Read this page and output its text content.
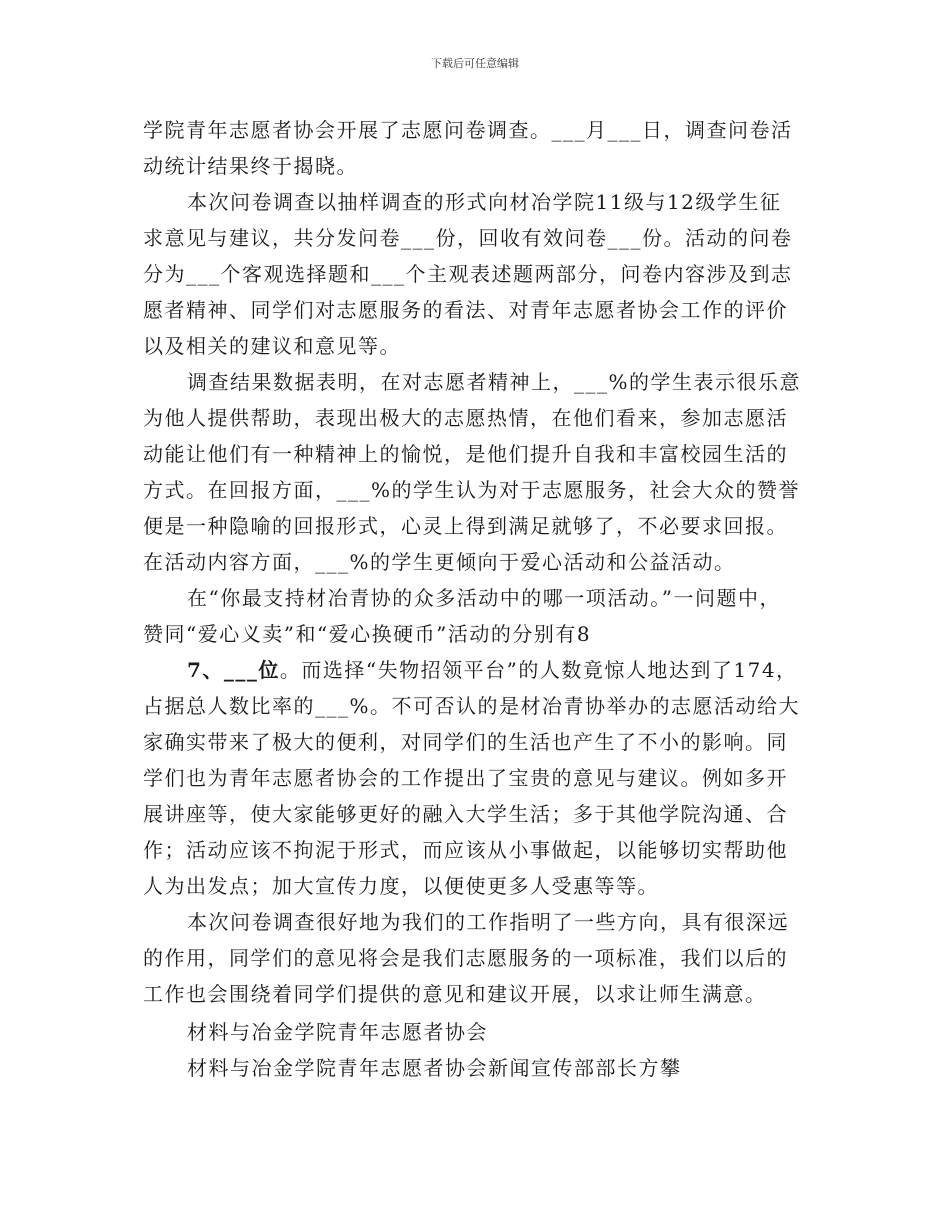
下载后可任意编辑
学院青年志愿者协会开展了志愿问卷调查。___月___日，调查问卷活
动统计结果终于揭晓。
本次问卷调查以抽样调查的形式向材冶学院11级与12级学生征
求意见与建议，共分发问卷___份，回收有效问卷___份。活动的问卷
分为___个客观选择题和___个主观表述题两部分，问卷内容涉及到志
愿者精神、同学们对志愿服务的看法、对青年志愿者协会工作的评价
以及相关的建议和意见等。
调查结果数据表明，在对志愿者精神上，___%的学生表示很乐意
为他人提供帮助，表现出极大的志愿热情，在他们看来，参加志愿活
动能让他们有一种精神上的愉悦，是他们提升自我和丰富校园生活的
方式。在回报方面，___%的学生认为对于志愿服务，社会大众的赞誉
便是一种隐喻的回报形式，心灵上得到满足就够了，不必要求回报。
在活动内容方面，___%的学生更倾向于爱心活动和公益活动。
在“你最支持材冶青协的众多活动中的哪一项活动。”一问题中，
赞同“爱心义卖”和“爱心换硬币”活动的分别有8
7、___位。而选择“失物招领平台”的人数竟惊人地达到了174，
占据总人数比率的___%。不可否认的是材冶青协举办的志愿活动给大
家确实带来了极大的便利，对同学们的生活也产生了不小的影响。同
学们也为青年志愿者协会的工作提出了宝贵的意见与建议。例如多开
展讲座等，使大家能够更好的融入大学生活；多于其他学院沟通、合
作；活动应该不拘泥于形式，而应该从小事做起，以能够切实帮助他
人为出发点；加大宣传力度，以便使更多人受惠等等。
本次问卷调查很好地为我们的工作指明了一些方向，具有很深远
的作用，同学们的意见将会是我们志愿服务的一项标准，我们以后的
工作也会围绕着同学们提供的意见和建议开展，以求让师生满意。
材料与冶金学院青年志愿者协会
材料与冶金学院青年志愿者协会新闻宣传部部长方攀
